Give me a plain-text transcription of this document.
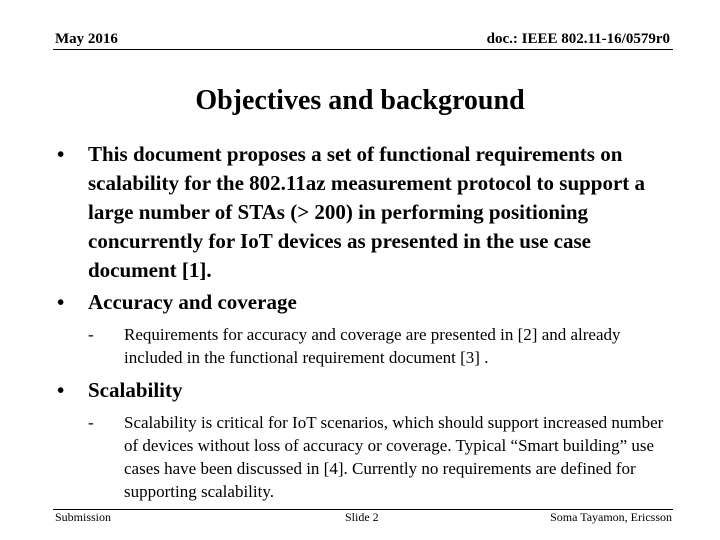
May 2016	doc.: IEEE 802.11-16/0579r0
Objectives and background
• This document proposes a set of functional requirements on scalability for the 802.11az measurement protocol to support a large number of STAs (> 200) in performing positioning concurrently for IoT devices as presented in the use case document [1].
• Accuracy and coverage
- Requirements for accuracy and coverage are presented in [2] and already included in the functional requirement document [3] .
• Scalability
- Scalability is critical for IoT scenarios, which should support increased number of devices without loss of accuracy or coverage. Typical “Smart building” use cases have been discussed in [4]. Currently no requirements are defined for supporting scalability.
Submission	Slide 2	Soma Tayamon, Ericsson
